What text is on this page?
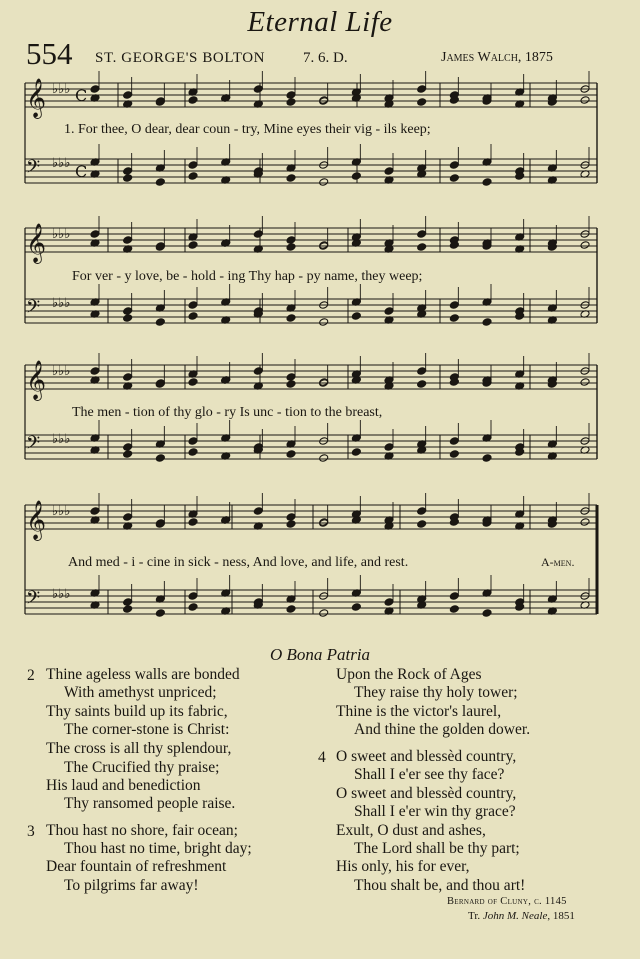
Eternal Life
554 ST. GEORGE'S BOLTON	7. 6. D.	James Walch, 1875
𝄞 ♭♭♭ C
𝄢 ♭♭♭ C
𝄞 ♭♭♭
𝄢 ♭♭♭
𝄞 ♭♭♭
𝄢 ♭♭♭
𝄞 ♭♭♭
𝄢 ♭♭♭
1. For thee, O dear, dear coun - try, Mine eyes their vig - ils keep;
For ver - y love, be - hold - ing Thy hap - py name, they weep;
The men - tion of thy glo - ry Is unc - tion to the breast,
And med - i - cine in sick - ness, And love, and life, and rest.	A-men.
O Bona Patria
2 Thine ageless walls are bonded
With amethyst unpriced;
Thy saints build up its fabric,
The corner-stone is Christ:
The cross is all thy splendour,
The Crucified thy praise;
His laud and benediction
Thy ransomed people raise.
3 Thou hast no shore, fair ocean;
Thou hast no time, bright day;
Dear fountain of refreshment
To pilgrims far away!
Upon the Rock of Ages
They raise thy holy tower;
Thine is the victor's laurel,
And thine the golden dower.
4 O sweet and blessèd country,
Shall I e'er see thy face?
O sweet and blessèd country,
Shall I e'er win thy grace?
Exult, O dust and ashes,
The Lord shall be thy part;
His only, his for ever,
Thou shalt be, and thou art!
Bernard of Cluny, c. 1145
Tr. John M. Neale, 1851
